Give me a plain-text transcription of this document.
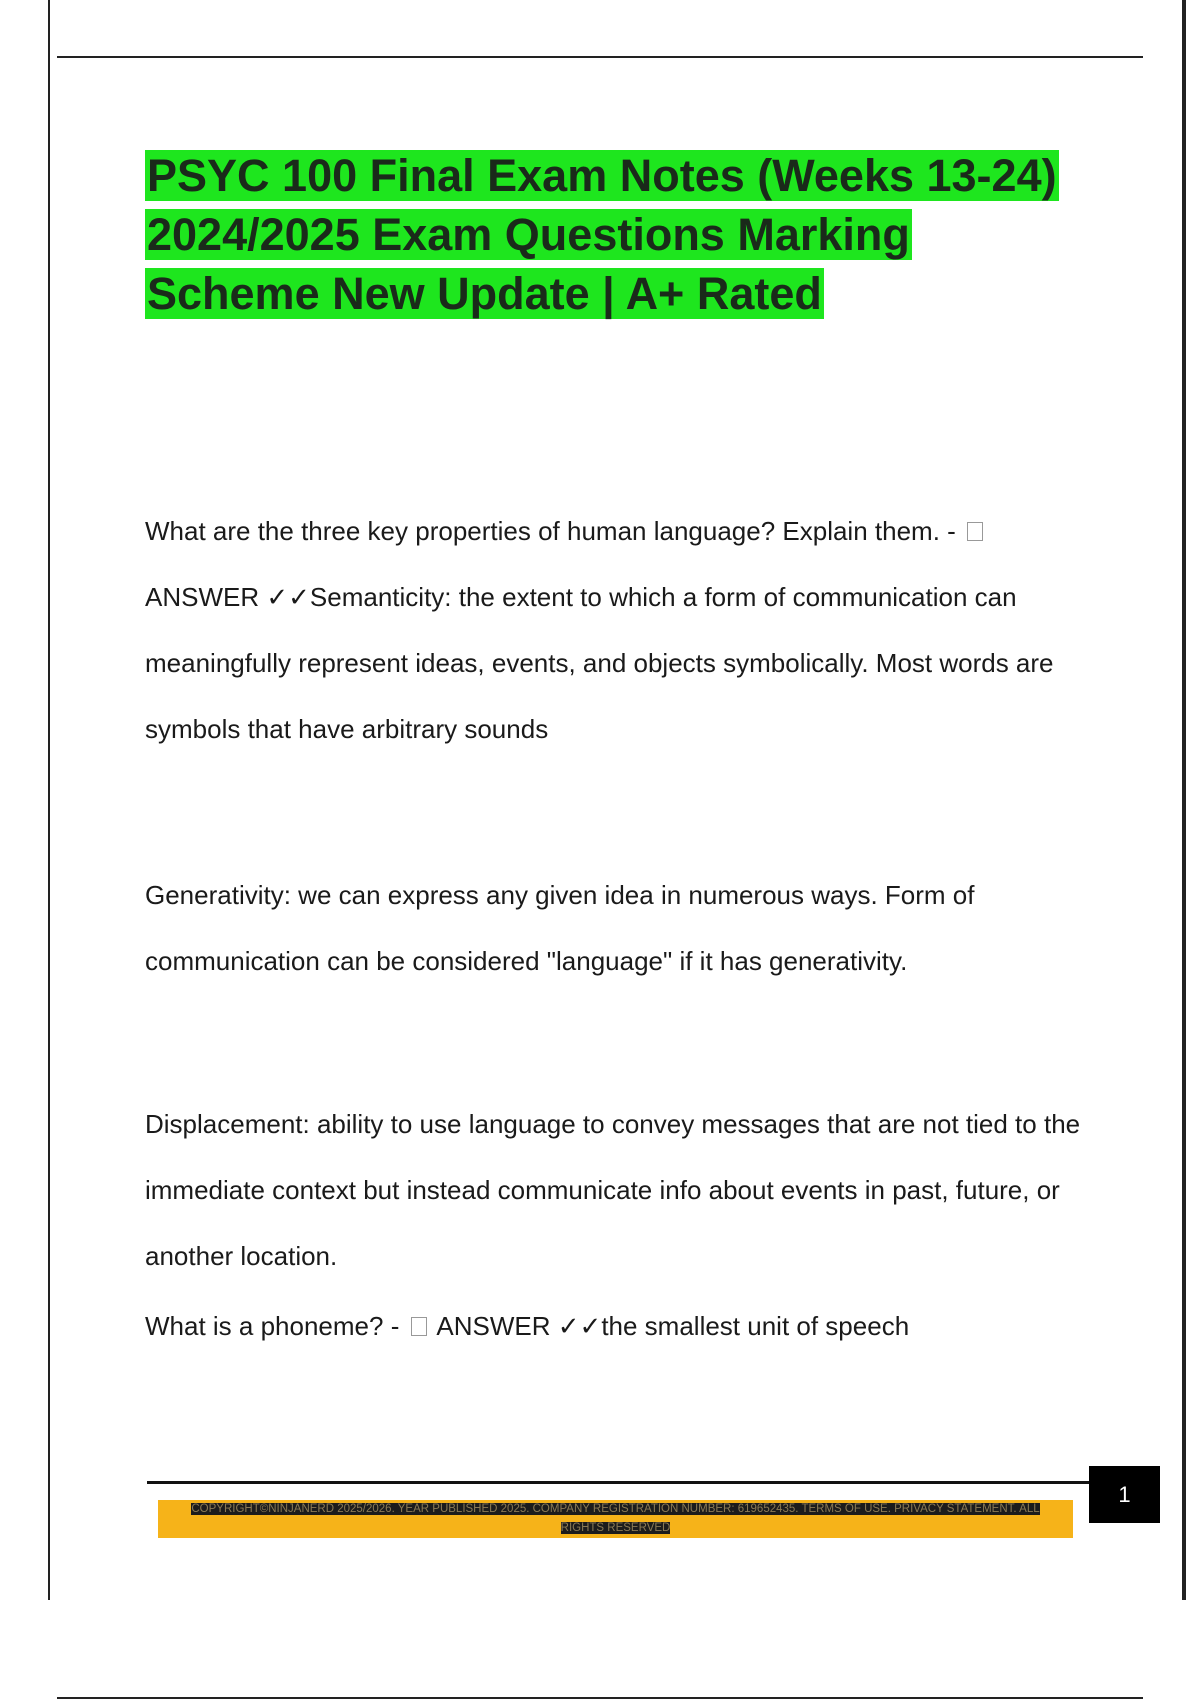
PSYC 100 Final Exam Notes (Weeks 13-24) 2024/2025 Exam Questions Marking Scheme New Update | A+ Rated

What are the three key properties of human language? Explain them. -  ANSWER ✓✓Semanticity: the extent to which a form of communication can meaningfully represent ideas, events, and objects symbolically. Most words are symbols that have arbitrary sounds

Generativity: we can express any given idea in numerous ways. Form of communication can be considered "language" if it has generativity.

Displacement: ability to use language to convey messages that are not tied to the immediate context but instead communicate info about events in past, future, or another location.

What is a phoneme? - ANSWER ✓✓the smallest unit of speech

1
COPYRIGHT©NINJANERD 2025/2026. YEAR PUBLISHED 2025. COMPANY REGISTRATION NUMBER: 619652435. TERMS OF USE. PRIVACY STATEMENT. ALL RIGHTS RESERVED
